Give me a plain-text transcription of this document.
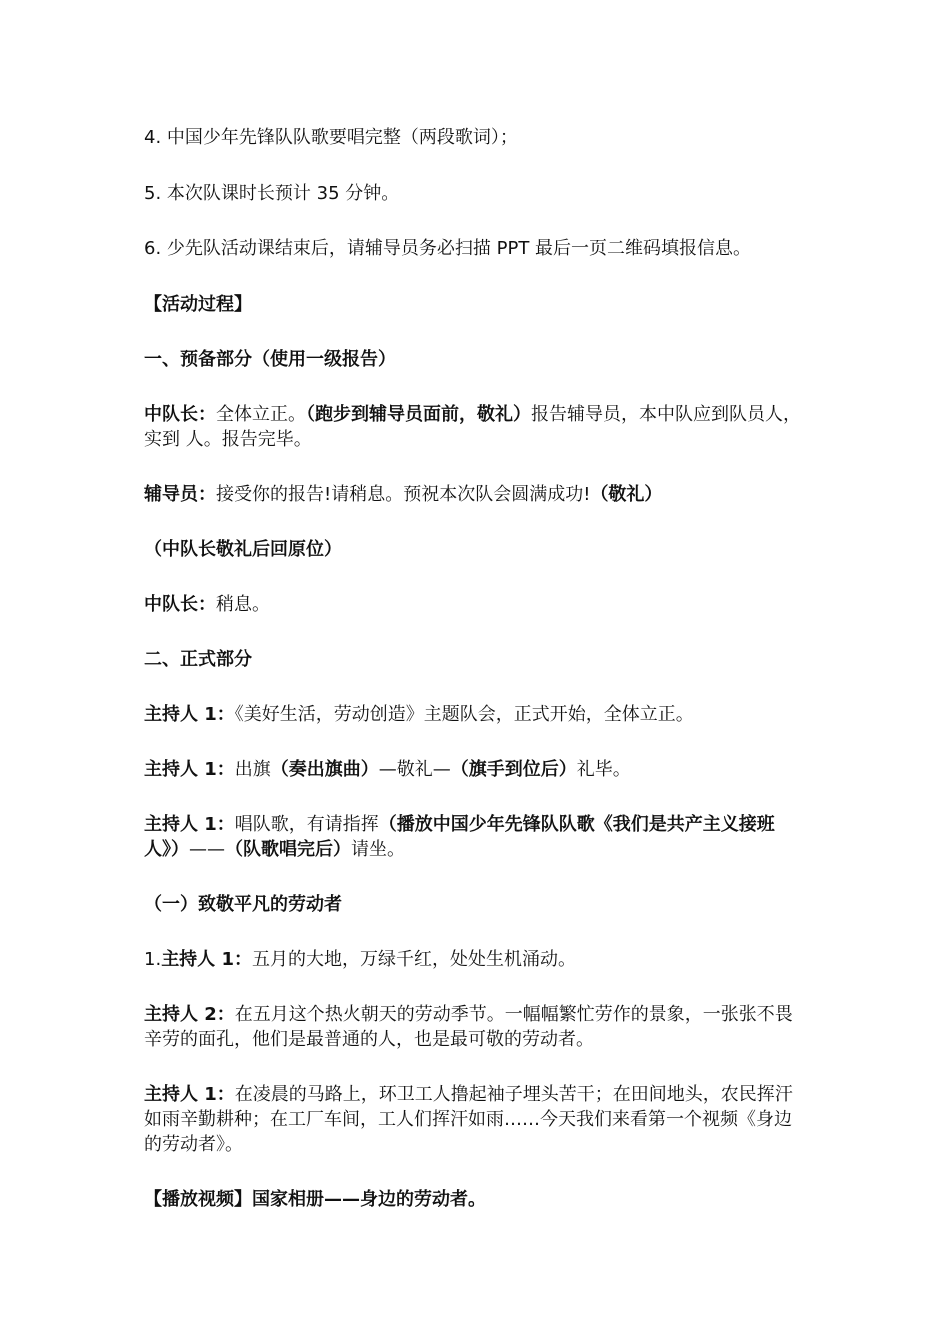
4. 中国少年先锋队队歌要唱完整（两段歌词）；
5. 本次队课时长预计 35 分钟。
6. 少先队活动课结束后，请辅导员务必扫描 PPT 最后一页二维码填报信息。
【活动过程】
一、预备部分（使用一级报告）
中队长：全体立正。（跑步到辅导员面前，敬礼）报告辅导员，本中队应到队员人，实到 人。报告完毕。
辅导员：接受你的报告!请稍息。预祝本次队会圆满成功!（敬礼）
（中队长敬礼后回原位）
中队长：稍息。
二、正式部分
主持人 1：《美好生活，劳动创造》主题队会，正式开始，全体立正。
主持人 1：出旗（奏出旗曲）—敬礼—（旗手到位后）礼毕。
主持人 1：唱队歌，有请指挥（播放中国少年先锋队队歌《我们是共产主义接班人》）——（队歌唱完后）请坐。
（一）致敬平凡的劳动者
1.主持人 1：五月的大地，万绿千红，处处生机涌动。
主持人 2：在五月这个热火朝天的劳动季节。一幅幅繁忙劳作的景象，一张张不畏辛劳的面孔，他们是最普通的人，也是最可敬的劳动者。
主持人 1：在凌晨的马路上，环卫工人撸起袖子埋头苦干；在田间地头，农民挥汗如雨辛勤耕种；在工厂车间，工人们挥汗如雨……今天我们来看第一个视频《身边的劳动者》。
【播放视频】国家相册——身边的劳动者。
